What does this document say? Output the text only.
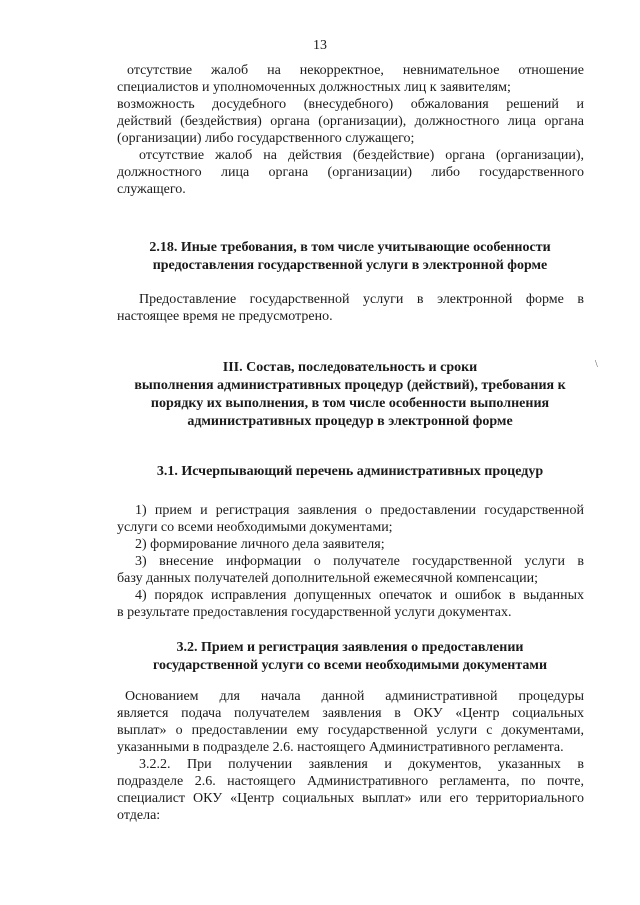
13
отсутствие жалоб на некорректное, невнимательное отношение
специалистов и уполномоченных должностных лиц к заявителям;
возможность досудебного (внесудебного) обжалования решений и
действий (бездействия) органа (организации), должностного лица органа
(организации) либо государственного служащего;
отсутствие жалоб на действия (бездействие) органа (организации),
должностного лица органа (организации) либо государственного
служащего.
2.18. Иные требования, в том числе учитывающие особенности
предоставления государственной услуги в электронной форме
Предоставление государственной услуги в электронной форме в
настоящее время не предусмотрено.
III. Состав, последовательность и сроки
выполнения административных процедур (действий), требования к
порядку их выполнения, в том числе особенности выполнения
административных процедур в электронной форме
\
3.1. Исчерпывающий перечень административных процедур
1) прием и регистрация заявления о предоставлении государственной
услуги со всеми необходимыми документами;
2) формирование личного дела заявителя;
3) внесение информации о получателе государственной услуги в
базу данных получателей дополнительной ежемесячной компенсации;
4) порядок исправления допущенных опечаток и ошибок в выданных
в результате предоставления государственной услуги документах.
3.2. Прием и регистрация заявления о предоставлении
государственной услуги со всеми необходимыми документами
Основанием для начала данной административной процедуры
является подача получателем заявления в ОКУ «Центр социальных
выплат» о предоставлении ему государственной услуги с документами,
указанными в подразделе 2.6. настоящего Административного регламента.
3.2.2. При получении заявления и документов, указанных в
подразделе 2.6. настоящего Административного регламента, по почте,
специалист ОКУ «Центр социальных выплат» или его территориального
отдела:
